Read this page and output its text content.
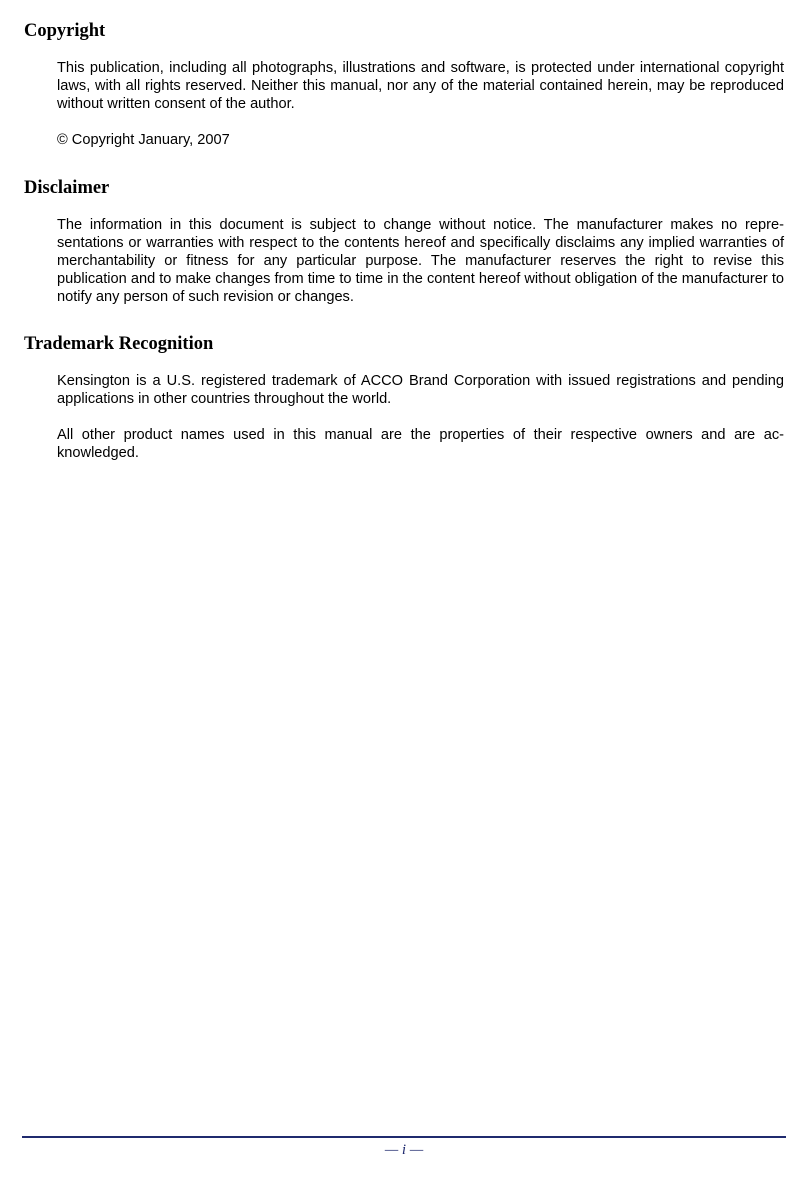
Copyright

This publication, including all photographs, illustrations and software, is protected under international copyright laws, with all rights reserved. Neither this manual, nor any of the material contained herein, may be reproduced without written consent of the author.

© Copyright January, 2007

Disclaimer

The information in this document is subject to change without notice. The manufacturer makes no representations or warranties with respect to the contents hereof and specifically disclaims any implied warranties of merchantability or fitness for any particular purpose. The manufacturer reserves the right to revise this publication and to make changes from time to time in the content hereof without obligation of the manufacturer to notify any person of such revision or changes.

Trademark Recognition

Kensington is a U.S. registered trademark of ACCO Brand Corporation with issued registrations and pending applications in other countries throughout the world.

All other product names used in this manual are the properties of their respective owners and are acknowledged.

— i —
